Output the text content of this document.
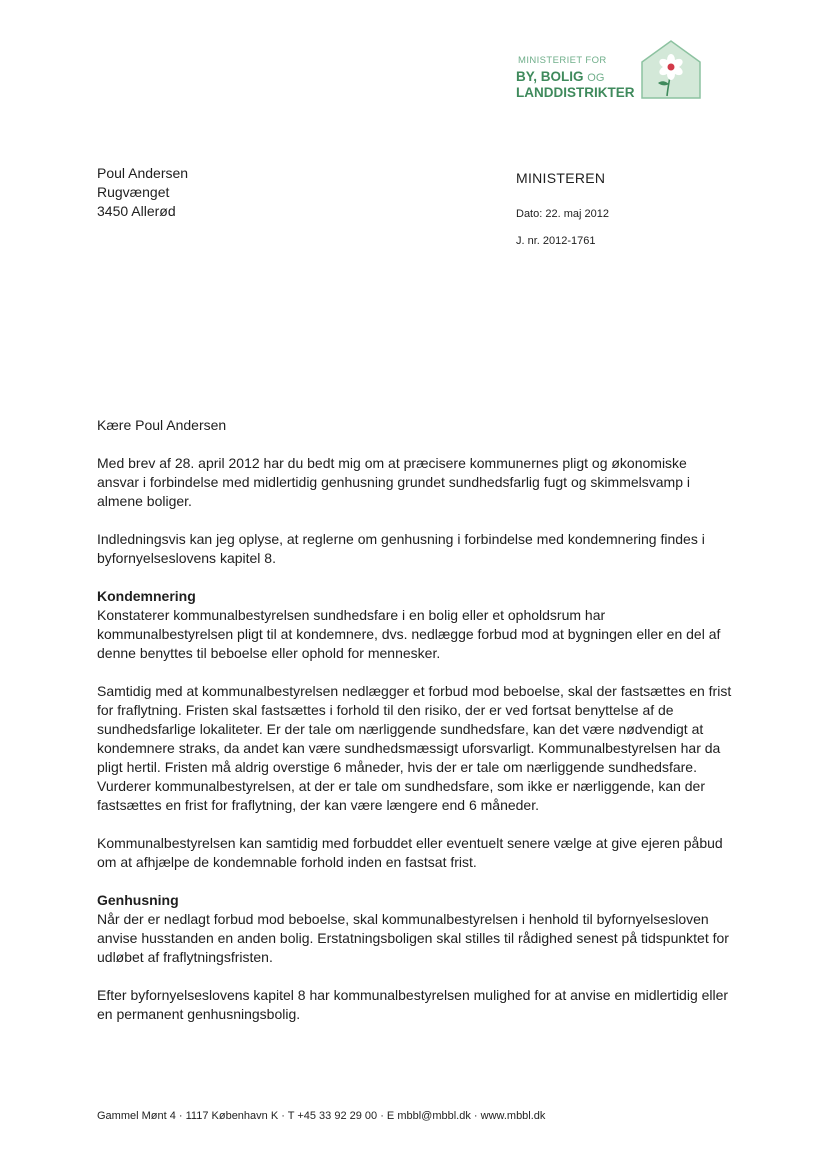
MINISTERIET FOR
BY, BOLIG OG
LANDDISTRIKTER
Poul Andersen
Rugvænget
3450 Allerød
MINISTEREN
Dato: 22. maj 2012
J. nr. 2012-1761

Kære Poul Andersen

Med brev af 28. april 2012 har du bedt mig om at præcisere kommunernes pligt og økonomiske
ansvar i forbindelse med midlertidig genhusning grundet sundhedsfarlig fugt og skimmelsvamp i
almene boliger.

Indledningsvis kan jeg oplyse, at reglerne om genhusning i forbindelse med kondemnering findes i
byfornyelseslovens kapitel 8.

Kondemnering

Konstaterer kommunalbestyrelsen sundhedsfare i en bolig eller et opholdsrum har
kommunalbestyrelsen pligt til at kondemnere, dvs. nedlægge forbud mod at bygningen eller en del af
denne benyttes til beboelse eller ophold for mennesker.

Samtidig med at kommunalbestyrelsen nedlægger et forbud mod beboelse, skal der fastsættes en frist
for fraflytning. Fristen skal fastsættes i forhold til den risiko, der er ved fortsat benyttelse af de
sundhedsfarlige lokaliteter. Er der tale om nærliggende sundhedsfare, kan det være nødvendigt at
kondemnere straks, da andet kan være sundhedsmæssigt uforsvarligt. Kommunalbestyrelsen har da
pligt hertil. Fristen må aldrig overstige 6 måneder, hvis der er tale om nærliggende sundhedsfare.
Vurderer kommunalbestyrelsen, at der er tale om sundhedsfare, som ikke er nærliggende, kan der
fastsættes en frist for fraflytning, der kan være længere end 6 måneder.

Kommunalbestyrelsen kan samtidig med forbuddet eller eventuelt senere vælge at give ejeren påbud
om at afhjælpe de kondemnable forhold inden en fastsat frist.

Genhusning

Når der er nedlagt forbud mod beboelse, skal kommunalbestyrelsen i henhold til byfornyelsesloven
anvise husstanden en anden bolig. Erstatningsboligen skal stilles til rådighed senest på tidspunktet for
udløbet af fraflytningsfristen.

Efter byfornyelseslovens kapitel 8 har kommunalbestyrelsen mulighed for at anvise en midlertidig eller
en permanent genhusningsbolig.

Gammel Mønt 4 · 1117 København K · T +45 33 92 29 00 · E mbbl@mbbl.dk · www.mbbl.dk
